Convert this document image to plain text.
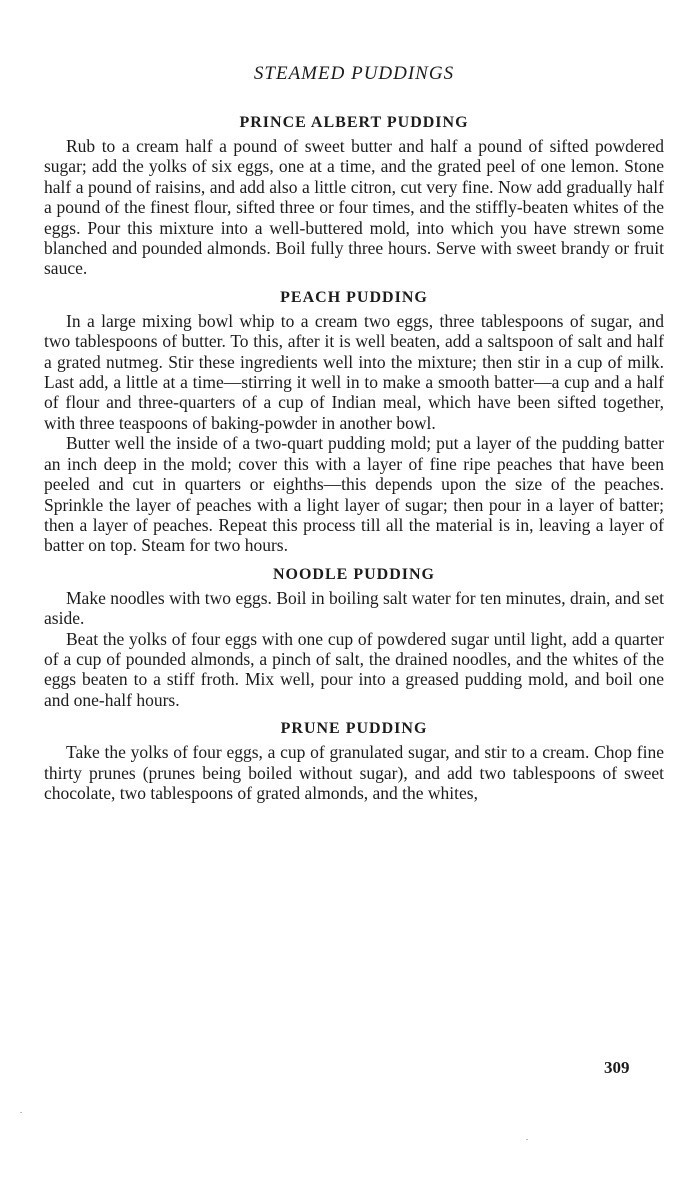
STEAMED PUDDINGS
PRINCE ALBERT PUDDING

Rub to a cream half a pound of sweet butter and half a pound of sifted powdered sugar; add the yolks of six eggs, one at a time, and the grated peel of one lemon. Stone half a pound of raisins, and add also a little citron, cut very fine. Now add gradually half a pound of the finest flour, sifted three or four times, and the stiffly-beaten whites of the eggs. Pour this mixture into a well-buttered mold, into which you have strewn some blanched and pounded almonds. Boil fully three hours. Serve with sweet brandy or fruit sauce.

PEACH PUDDING

In a large mixing bowl whip to a cream two eggs, three tablespoons of sugar, and two tablespoons of butter. To this, after it is well beaten, add a saltspoon of salt and half a grated nutmeg. Stir these ingredients well into the mixture; then stir in a cup of milk. Last add, a little at a time—stirring it well in to make a smooth batter—a cup and a half of flour and three-quarters of a cup of Indian meal, which have been sifted together, with three teaspoons of baking-powder in another bowl.

Butter well the inside of a two-quart pudding mold; put a layer of the pudding batter an inch deep in the mold; cover this with a layer of fine ripe peaches that have been peeled and cut in quarters or eighths—this depends upon the size of the peaches. Sprinkle the layer of peaches with a light layer of sugar; then pour in a layer of batter; then a layer of peaches. Repeat this process till all the material is in, leaving a layer of batter on top. Steam for two hours.

NOODLE PUDDING

Make noodles with two eggs. Boil in boiling salt water for ten minutes, drain, and set aside.

Beat the yolks of four eggs with one cup of powdered sugar until light, add a quarter of a cup of pounded almonds, a pinch of salt, the drained noodles, and the whites of the eggs beaten to a stiff froth. Mix well, pour into a greased pudding mold, and boil one and one-half hours.

PRUNE PUDDING

Take the yolks of four eggs, a cup of granulated sugar, and stir to a cream. Chop fine thirty prunes (prunes being boiled without sugar), and add two tablespoons of sweet chocolate, two tablespoons of grated almonds, and the whites,

309
